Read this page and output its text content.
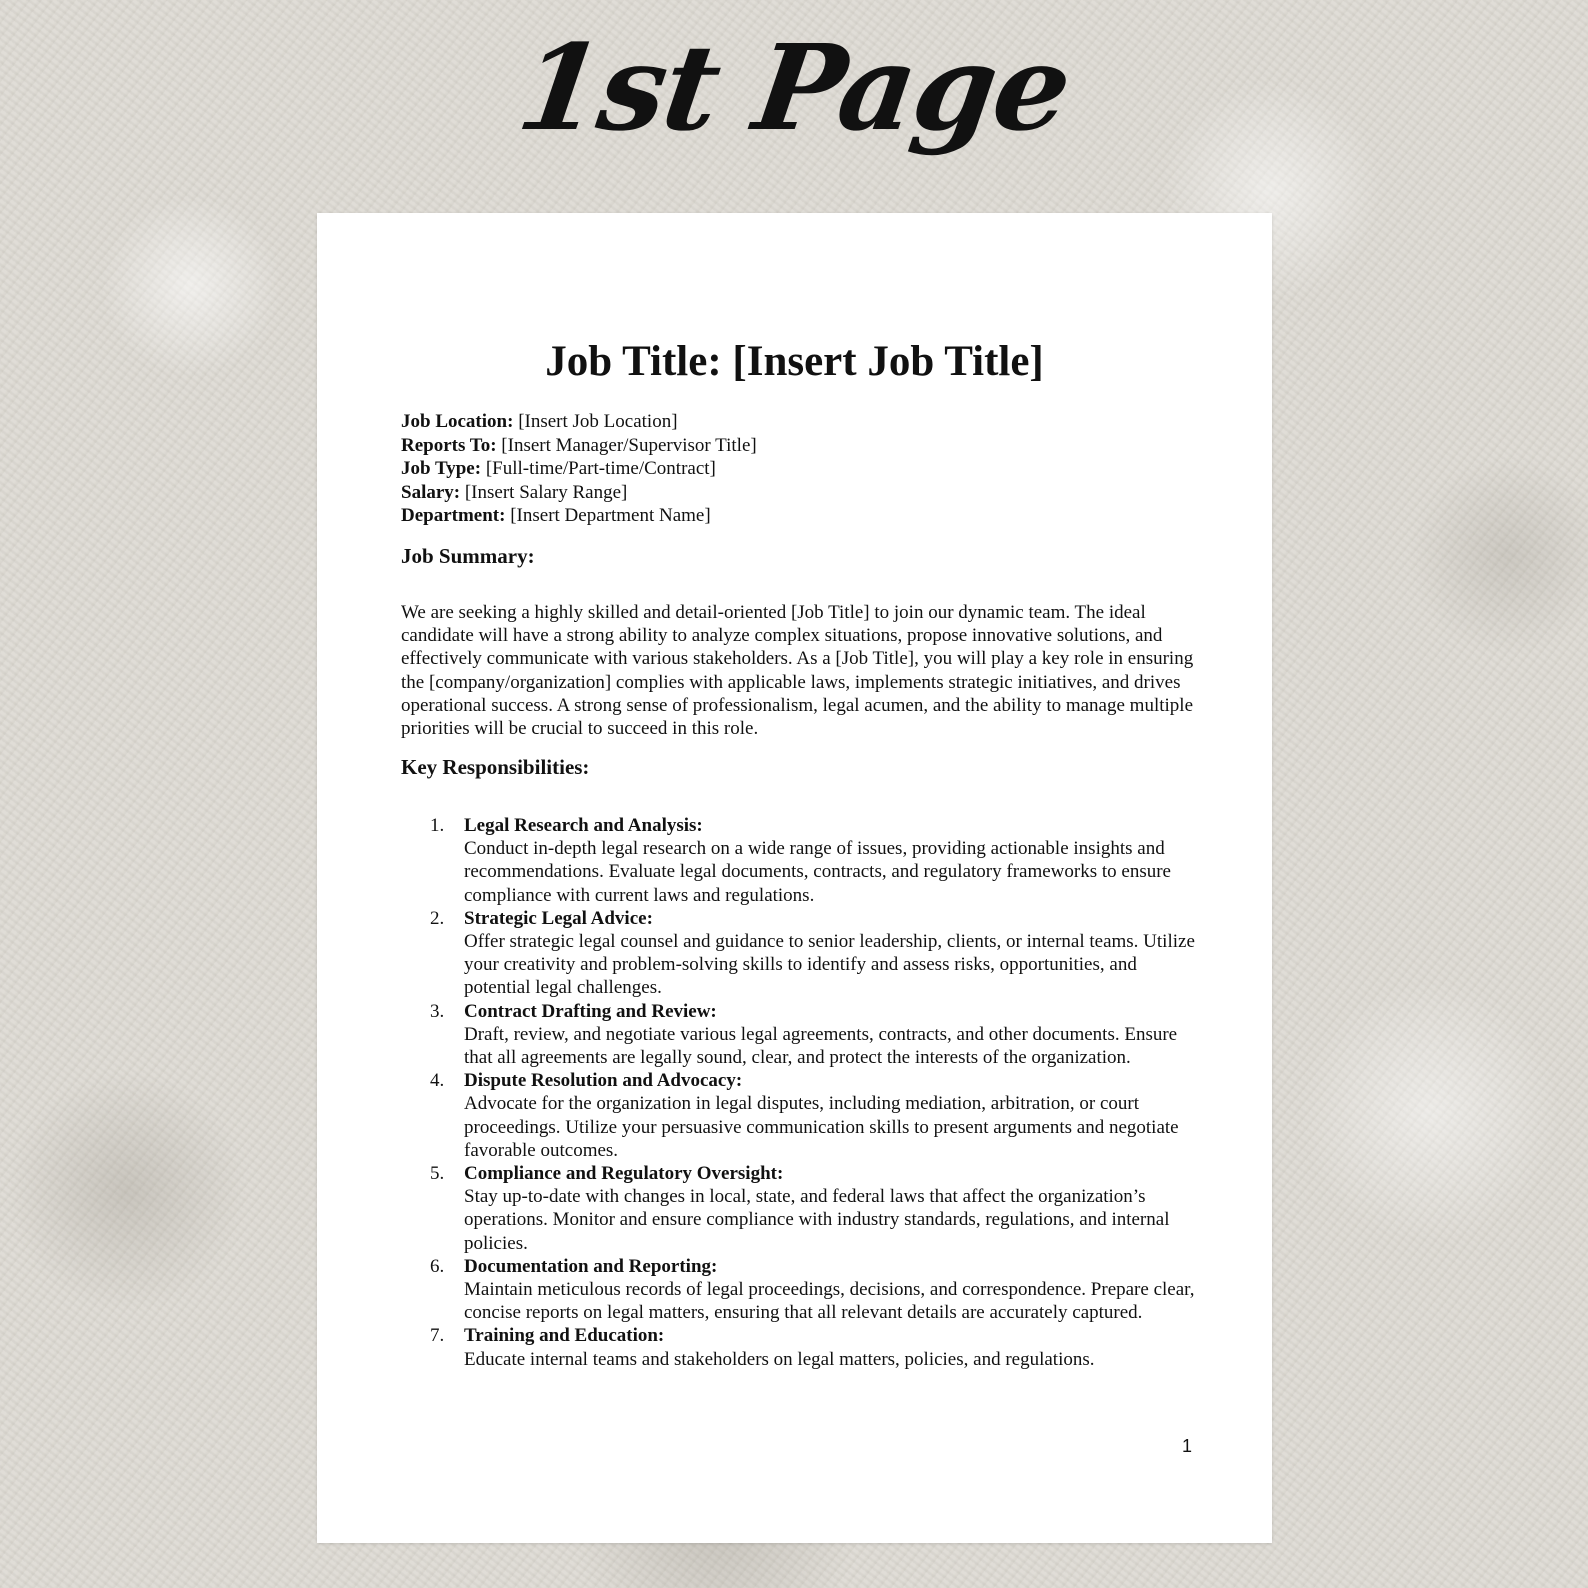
1st Page
Job Title: [Insert Job Title]
Job Location: [Insert Job Location]
Reports To: [Insert Manager/Supervisor Title]
Job Type: [Full-time/Part-time/Contract]
Salary: [Insert Salary Range]
Department: [Insert Department Name]
Job Summary:

We are seeking a highly skilled and detail-oriented [Job Title] to join our dynamic team. The ideal candidate will have a strong ability to analyze complex situations, propose innovative solutions, and effectively communicate with various stakeholders. As a [Job Title], you will play a key role in ensuring the [company/organization] complies with applicable laws, implements strategic initiatives, and drives operational success. A strong sense of professionalism, legal acumen, and the ability to manage multiple priorities will be crucial to succeed in this role.

Key Responsibilities:
1. Legal Research and Analysis:
Conduct in-depth legal research on a wide range of issues, providing actionable insights and recommendations. Evaluate legal documents, contracts, and regulatory frameworks to ensure compliance with current laws and regulations.
2. Strategic Legal Advice:
Offer strategic legal counsel and guidance to senior leadership, clients, or internal teams. Utilize your creativity and problem-solving skills to identify and assess risks, opportunities, and potential legal challenges.
3. Contract Drafting and Review:
Draft, review, and negotiate various legal agreements, contracts, and other documents. Ensure that all agreements are legally sound, clear, and protect the interests of the organization.
4. Dispute Resolution and Advocacy:
Advocate for the organization in legal disputes, including mediation, arbitration, or court proceedings. Utilize your persuasive communication skills to present arguments and negotiate favorable outcomes.
5. Compliance and Regulatory Oversight:
Stay up-to-date with changes in local, state, and federal laws that affect the organization’s operations. Monitor and ensure compliance with industry standards, regulations, and internal policies.
6. Documentation and Reporting:
Maintain meticulous records of legal proceedings, decisions, and correspondence. Prepare clear, concise reports on legal matters, ensuring that all relevant details are accurately captured.
7. Training and Education:
Educate internal teams and stakeholders on legal matters, policies, and regulations.
1
